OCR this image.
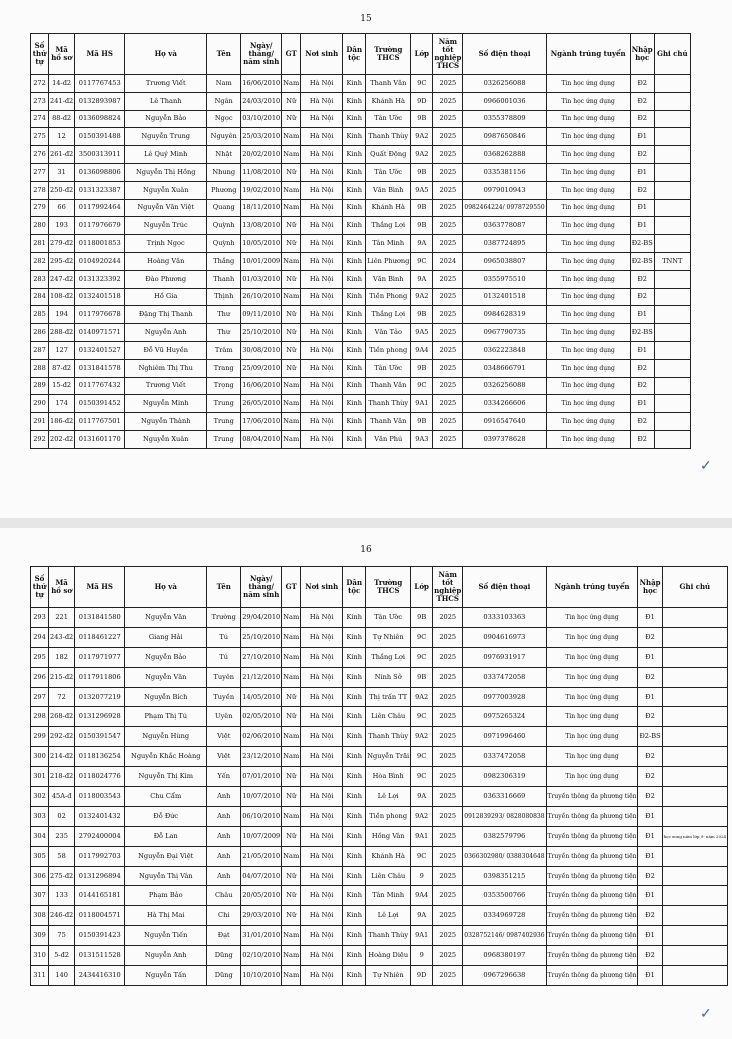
15
Số thứ tự	Mã hồ sơ	Mã HS	Họ và	Tên	Ngày/ tháng/ năm sinh	GT	Nơi sinh	Dân tộc	Trường THCS	Lớp	Năm tốt nghiệp THCS	Số điện thoại	Ngành trúng tuyển	Nhập học	Ghi chú
272	14-đ2	0117767453	Trương Viết	Nam	16/06/2010	Nam	Hà Nội	Kinh	Thanh Văn	9C	2025	0326256088	Tin học ứng dụng	Đ2	
273	241-đ2	0132893987	Lê Thanh	Ngân	24/03/2010	Nữ	Hà Nội	Kinh	Khánh Hà	9D	2025	0966001036	Tin học ứng dụng	Đ2	
274	88-đ2	0136098824	Nguyễn Bảo	Ngọc	03/10/2010	Nữ	Hà Nội	Kinh	Tân Ước	9B	2025	0355378809	Tin học ứng dụng	Đ2	
275	12	0150391488	Nguyễn Trung	Nguyên	25/03/2010	Nam	Hà Nội	Kinh	Thanh Thùy	9A2	2025	0987650846	Tin học ứng dụng	Đ1	
276	261-đ2	3500313911	Lê Quý Minh	Nhật	20/02/2010	Nam	Hà Nội	Kinh	Quất Động	9A2	2025	0368262888	Tin học ứng dụng	Đ2	
277	31	0136098806	Nguyễn Thị Hồng	Nhung	11/08/2010	Nữ	Hà Nội	Kinh	Tân Ước	9B	2025	0335381156	Tin học ứng dụng	Đ1	
278	250-đ2	0131323387	Nguyễn Xuân	Phương	19/02/2010	Nam	Hà Nội	Kinh	Văn Bình	9A5	2025	0979010943	Tin học ứng dụng	Đ2	
279	66	0117992464	Nguyễn Văn Việt	Quang	18/11/2010	Nam	Hà Nội	Kinh	Khánh Hà	9B	2025	0982464224/ 0978729550	Tin học ứng dụng	Đ1	
280	193	0117976679	Nguyễn Trúc	Quỳnh	13/08/2010	Nữ	Hà Nội	Kinh	Thắng Lợi	9B	2025	0363778087	Tin học ứng dụng	Đ1	
281	279-đ2	0118001853	Trịnh Ngọc	Quỳnh	10/05/2010	Nữ	Hà Nội	Kinh	Tân Minh	9A	2025	0387724895	Tin học ứng dụng	Đ2-BS	
282	295-đ2	0104920244	Hoàng Văn	Thắng	10/01/2009	Nam	Hà Nội	Kinh	Liên Phương	9C	2024	0965038807	Tin học ứng dụng	Đ2-BS	TNNT
283	247-đ2	0131323392	Đào Phương	Thanh	01/03/2010	Nữ	Hà Nội	Kinh	Văn Bình	9A	2025	0355975510	Tin học ứng dụng	Đ2	
284	108-đ2	0132401518	Hồ Gia	Thịnh	26/10/2010	Nam	Hà Nội	Kinh	Tiền Phong	9A2	2025	0132401518	Tin học ứng dụng	Đ2	
285	194	0117976678	Đặng Thị Thanh	Thư	09/11/2010	Nữ	Hà Nội	Kinh	Thắng Lợi	9B	2025	0984628319	Tin học ứng dụng	Đ1	
286	288-đ2	0140971571	Nguyễn Anh	Thư	25/10/2010	Nữ	Hà Nội	Kinh	Văn Tảo	9A5	2025	0967790735	Tin học ứng dụng	Đ2-BS	
287	127	0132401527	Đỗ Vũ Huyền	Trâm	30/08/2010	Nữ	Hà Nội	Kinh	Tiền phong	9A4	2025	0362223848	Tin học ứng dụng	Đ1	
288	87-đ2	0131841578	Nghiêm Thị Thu	Trang	25/09/2010	Nữ	Hà Nội	Kinh	Tân Ước	9B	2025	0348666791	Tin học ứng dụng	Đ2	
289	15-đ2	0117767432	Trương Viết	Trọng	16/06/2010	Nam	Hà Nội	Kinh	Thanh Văn	9C	2025	0326256088	Tin học ứng dụng	Đ2	
290	174	0150391452	Nguyễn Minh	Trung	26/05/2010	Nam	Hà Nội	Kinh	Thanh Thùy	9A1	2025	0334266606	Tin học ứng dụng	Đ1	
291	186-đ2	0117767501	Nguyễn Thành	Trung	17/06/2010	Nam	Hà Nội	Kinh	Thanh Văn	9B	2025	0916547640	Tin học ứng dụng	Đ2	
292	202-đ2	0131601170	Nguyễn Xuân	Trung	08/04/2010	Nam	Hà Nội	Kinh	Văn Phú	9A3	2025	0397378628	Tin học ứng dụng	Đ2	
✓
16
Số thứ tự	Mã hồ sơ	Mã HS	Họ và	Tên	Ngày/ tháng/ năm sinh	GT	Nơi sinh	Dân tộc	Trường THCS	Lớp	Năm tốt nghiệp THCS	Số điện thoại	Ngành trúng tuyển	Nhập học	Ghi chú
293	221	0131841580	Nguyễn Văn	Trường	29/04/2010	Nam	Hà Nội	Kinh	Tân Ước	9B	2025	0333103363	Tin học ứng dụng	Đ1	
294	243-đ2	0118461227	Giang Hải	Tú	25/10/2010	Nam	Hà Nội	Kinh	Tự Nhiên	9C	2025	0904616973	Tin học ứng dụng	Đ2	
295	182	0117971977	Nguyễn Bảo	Tú	27/10/2010	Nam	Hà Nội	Kinh	Thắng Lợi	9C	2025	0976931917	Tin học ứng dụng	Đ1	
296	215-đ2	0117911806	Nguyễn Văn	Tuyên	21/12/2010	Nam	Hà Nội	Kinh	Ninh Sở	9B	2025	0337472058	Tin học ứng dụng	Đ2	
297	72	0132077219	Nguyễn Bích	Tuyền	14/05/2010	Nữ	Hà Nội	Kinh	Thị trấn TT	9A2	2025	0977003928	Tin học ứng dụng	Đ1	
298	268-đ2	0131296928	Phạm Thị Tú	Uyên	02/05/2010	Nữ	Hà Nội	Kinh	Liên Châu	9C	2025	0975265324	Tin học ứng dụng	Đ2	
299	292-đ2	0150391547	Nguyễn Hùng	Việt	02/06/2010	Nam	Hà Nội	Kinh	Thanh Thùy	9A2	2025	0971996460	Tin học ứng dụng	Đ2-BS	
300	214-đ2	0118136254	Nguyễn Khắc Hoàng	Việt	23/12/2010	Nam	Hà Nội	Kinh	Nguyễn Trãi	9C	2025	0337472058	Tin học ứng dụng	Đ2	
301	218-đ2	0118024776	Nguyễn Thị Kim	Yến	07/01/2010	Nữ	Hà Nội	Kinh	Hòa Bình	9C	2025	0982306319	Tin học ứng dụng	Đ2	
302	45A-đ	0118003543	Chu Cẩm	Anh	10/07/2010	Nữ	Hà Nội	Kinh	Lê Lợi	9A	2025	0363316669	Truyền thông đa phương tiện	Đ2	
303	02	0132401432	Đỗ Đức	Anh	06/10/2010	Nam	Hà Nội	Kinh	Tiền phong	9A2	2025	0912839293/ 0828080838	Truyền thông đa phương tiện	Đ1	
304	235	2792400004	Đỗ Lan	Anh	10/07/2009	Nữ	Hà Nội	Kinh	Hồng Vân	9A1	2025	0382579796	Truyền thông đa phương tiện	Đ1	học xong năm lớp 9- năm 2024
305	58	0117992703	Nguyễn Đại Việt	Anh	21/05/2010	Nam	Hà Nội	Kinh	Khánh Hà	9C	2025	0366302980/ 0388304648	Truyền thông đa phương tiện	Đ1	
306	275-đ2	0131296894	Nguyễn Thị Vân	Anh	04/07/2010	Nữ	Hà Nội	Kinh	Liên Châu	9	2025	0398351215	Truyền thông đa phương tiện	Đ2	
307	133	0144165181	Phạm Bảo	Châu	20/05/2010	Nữ	Hà Nội	Kinh	Tân Minh	9A4	2025	0353500766	Truyền thông đa phương tiện	Đ1	
308	246-đ2	0118004571	Hà Thị Mai	Chi	29/03/2010	Nữ	Hà Nội	Kinh	Lê Lợi	9A	2025	0334969728	Truyền thông đa phương tiện	Đ2	
309	75	0150391423	Nguyễn Tiến	Đạt	31/01/2010	Nam	Hà Nội	Kinh	Thanh Thùy	9A1	2025	0328752146/ 0987402936	Truyền thông đa phương tiện	Đ1	
310	5-đ2	0131511528	Nguyễn Anh	Dũng	02/10/2010	Nam	Hà Nội	Kinh	Hoàng Diệu	9	2025	0968380197	Truyền thông đa phương tiện	Đ2	
311	140	2434416310	Nguyễn Tấn	Dũng	10/10/2010	Nam	Hà Nội	Kinh	Tự Nhiên	9D	2025	0967296638	Truyền thông đa phương tiện	Đ1	
✓
